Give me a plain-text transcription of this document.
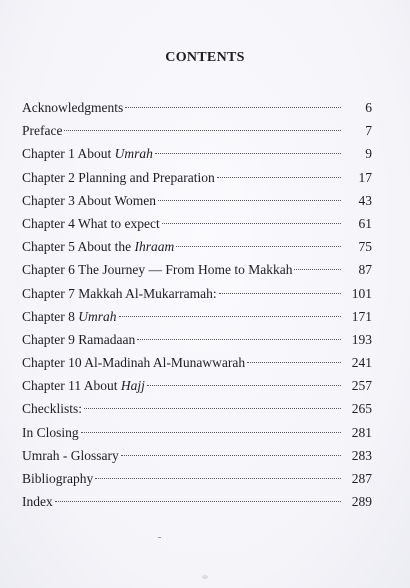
CONTENTS
Acknowledgments	6
Preface	7
Chapter 1 About Umrah	9
Chapter 2 Planning and Preparation	17
Chapter 3 About Women	43
Chapter 4 What to expect	61
Chapter 5 About the Ihraam	75
Chapter 6 The Journey — From Home to Makkah	87
Chapter 7 Makkah Al-Mukarramah:	101
Chapter 8 Umrah	171
Chapter 9 Ramadaan	193
Chapter 10 Al-Madinah Al-Munawwarah	241
Chapter 11 About Hajj	257
Checklists:	265
In Closing	281
Umrah - Glossary	283
Bibliography	287
Index	289
